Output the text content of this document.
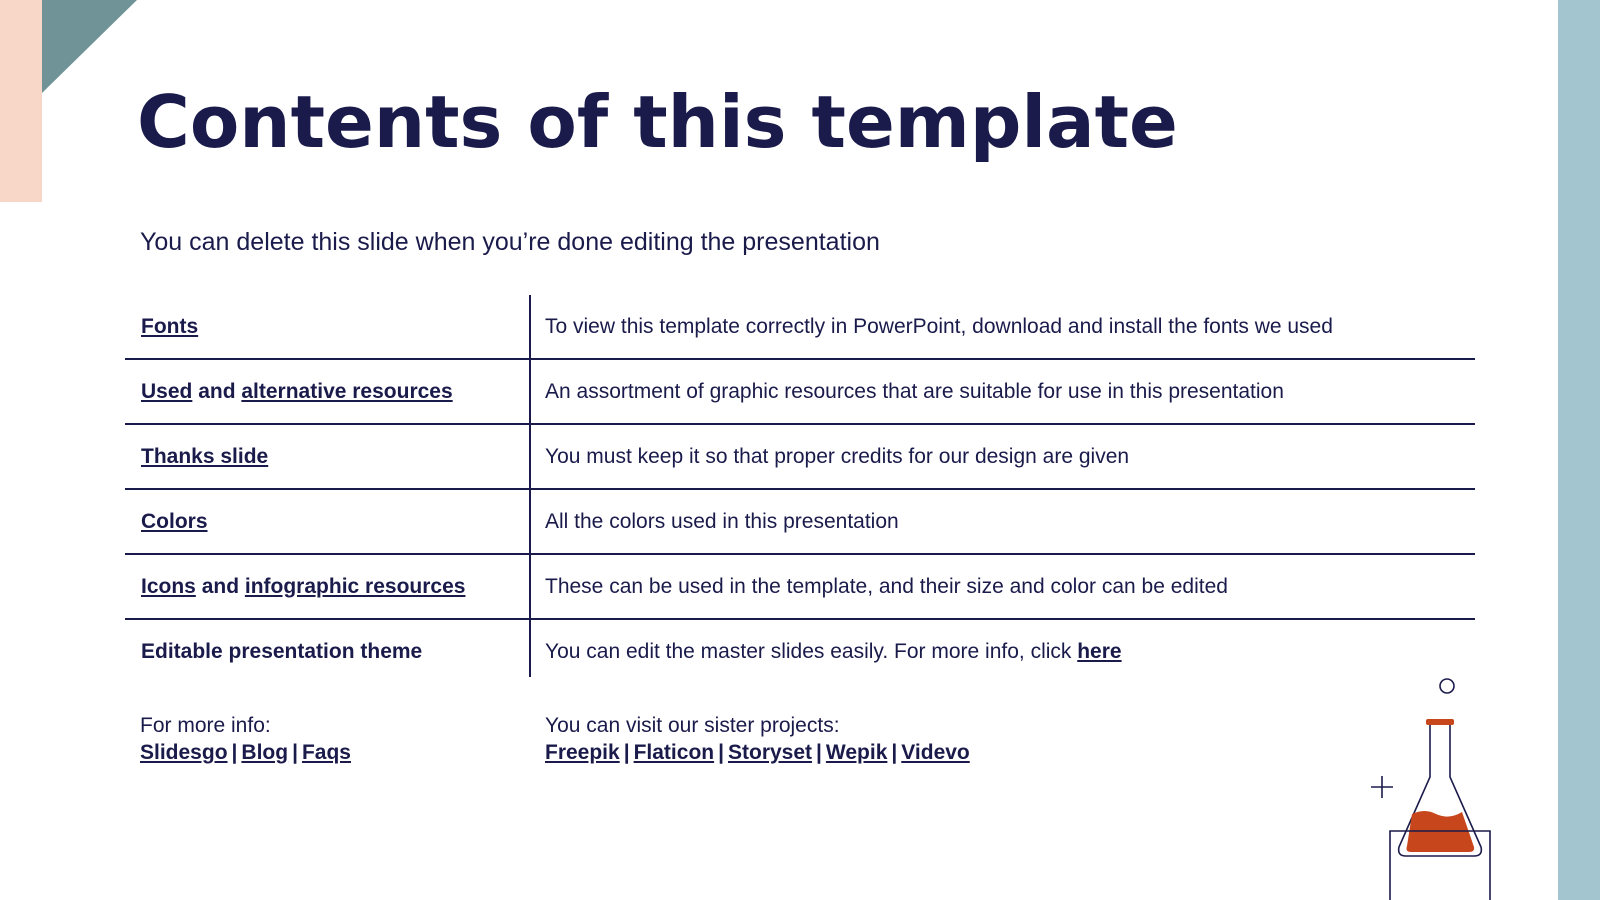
Contents of this template

You can delete this slide when you’re done editing the presentation

Fonts	To view this template correctly in PowerPoint, download and install the fonts we used
Used and alternative resources	An assortment of graphic resources that are suitable for use in this presentation
Thanks slide	You must keep it so that proper credits for our design are given
Colors	All the colors used in this presentation
Icons and infographic resources	These can be used in the template, and their size and color can be edited
Editable presentation theme	You can edit the master slides easily. For more info, click here
For more info:
Slidesgo | Blog | Faqs
You can visit our sister projects:
Freepik | Flaticon | Storyset | Wepik | Videvo
